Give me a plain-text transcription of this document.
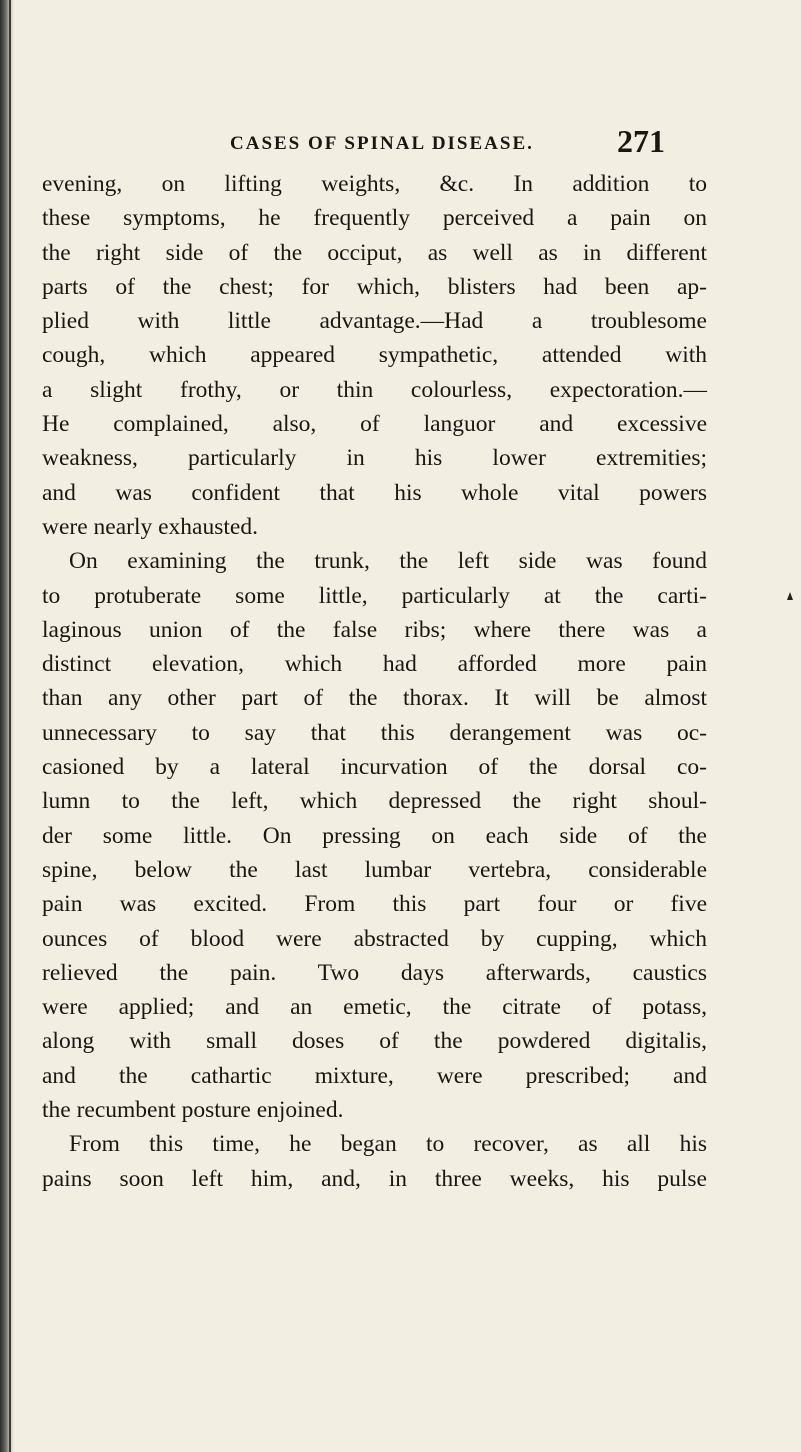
CASES OF SPINAL DISEASE.	271
evening, on lifting weights, &c. In addition to
these symptoms, he frequently perceived a pain on
the right side of the occiput, as well as in different
parts of the chest; for which, blisters had been ap-
plied with little advantage.—Had a troublesome
cough, which appeared sympathetic, attended with
a slight frothy, or thin colourless, expectoration.—
He complained, also, of languor and excessive
weakness, particularly in his lower extremities;
and was confident that his whole vital powers
were nearly exhausted.
On examining the trunk, the left side was found
to protuberate some little, particularly at the carti-
laginous union of the false ribs; where there was a
distinct elevation, which had afforded more pain
than any other part of the thorax. It will be almost
unnecessary to say that this derangement was oc-
casioned by a lateral incurvation of the dorsal co-
lumn to the left, which depressed the right shoul-
der some little. On pressing on each side of the
spine, below the last lumbar vertebra, considerable
pain was excited. From this part four or five
ounces of blood were abstracted by cupping, which
relieved the pain. Two days afterwards, caustics
were applied; and an emetic, the citrate of potass,
along with small doses of the powdered digitalis,
and the cathartic mixture, were prescribed; and
the recumbent posture enjoined.
From this time, he began to recover, as all his
pains soon left him, and, in three weeks, his pulse
